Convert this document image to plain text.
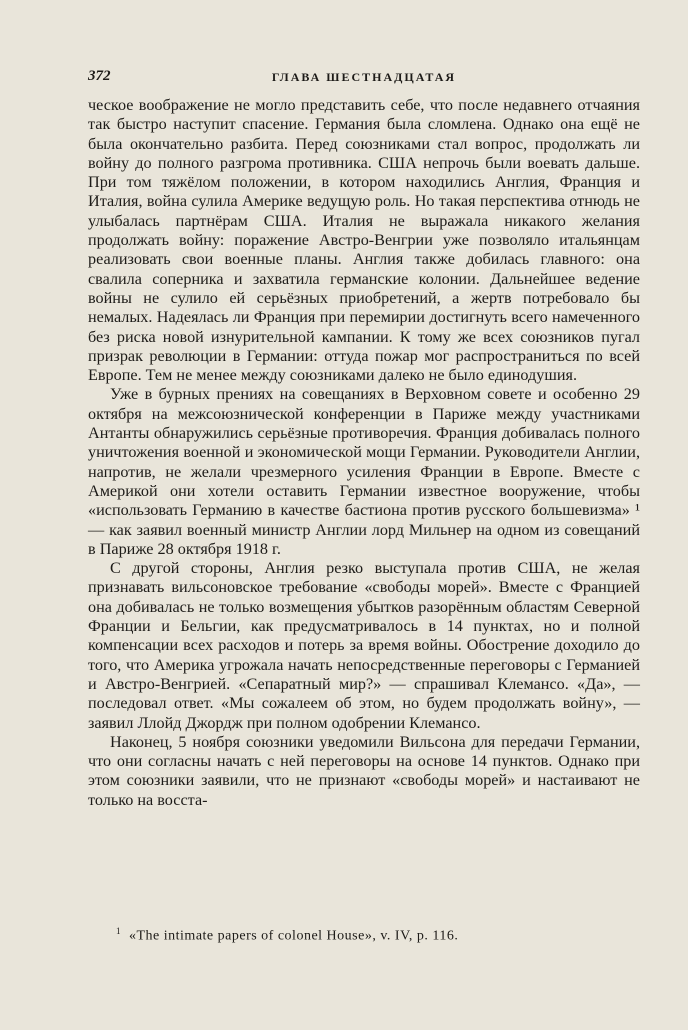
372	ГЛАВА ШЕСТНАДЦАТАЯ

ческое воображение не могло представить себе, что после недавнего отчаяния так быстро наступит спасение. Германия была сломлена. Однако она ещё не была окончательно разбита. Перед союзниками стал вопрос, продолжать ли войну до полного разгрома противника. США непрочь были воевать дальше. При том тяжёлом положении, в котором находились Англия, Франция и Италия, война сулила Америке ведущую роль. Но такая перспектива отнюдь не улыбалась партнёрам США. Италия не выражала никакого желания продолжать войну: поражение Австро-Венгрии уже позволяло итальянцам реализовать свои военные планы. Англия также добилась главного: она свалила соперника и захватила германские колонии. Дальнейшее ведение войны не сулило ей серьёзных приобретений, а жертв потребовало бы немалых. Надеялась ли Франция при перемирии достигнуть всего намеченного без риска новой изнурительной кампании. К тому же всех союзников пугал призрак революции в Германии: оттуда пожар мог распространиться по всей Европе. Тем не менее между союзниками далеко не было единодушия.

Уже в бурных прениях на совещаниях в Верховном совете и особенно 29 октября на межсоюзнической конференции в Париже между участниками Антанты обнаружились серьёзные противоречия. Франция добивалась полного уничтожения военной и экономической мощи Германии. Руководители Англии, напротив, не желали чрезмерного усиления Франции в Европе. Вместе с Америкой они хотели оставить Германии известное вооружение, чтобы «использовать Германию в качестве бастиона против русского большевизма» ¹ — как заявил военный министр Англии лорд Мильнер на одном из совещаний в Париже 28 октября 1918 г.

С другой стороны, Англия резко выступала против США, не желая признавать вильсоновское требование «свободы морей». Вместе с Францией она добивалась не только возмещения убытков разорённым областям Северной Франции и Бельгии, как предусматривалось в 14 пунктах, но и полной компенсации всех расходов и потерь за время войны. Обострение доходило до того, что Америка угрожала начать непосредственные переговоры с Германией и Австро-Венгрией. «Сепаратный мир?» — спрашивал Клемансо. «Да», — последовал ответ. «Мы сожалеем об этом, но будем продолжать войну», — заявил Ллойд Джордж при полном одобрении Клемансо.

Наконец, 5 ноября союзники уведомили Вильсона для передачи Германии, что они согласны начать с ней переговоры на основе 14 пунктов. Однако при этом союзники заявили, что не признают «свободы морей» и настаивают не только на восста-

$^1$ «The intimate papers of colonel House», v. IV, p. 116.
